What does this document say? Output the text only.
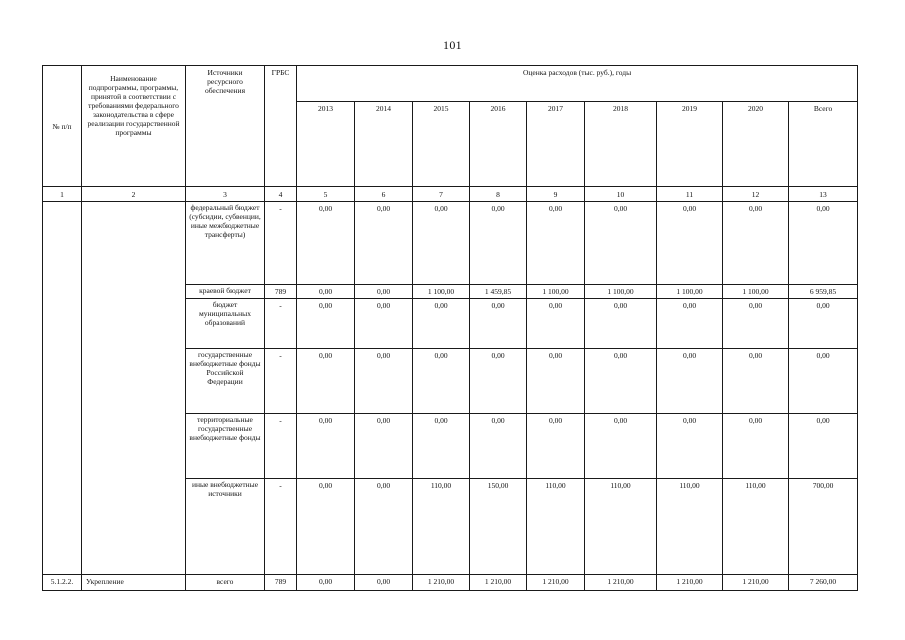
101
№ п/п	Наименование подпрограммы, программы, принятой в соответствии с требованиями федерального законодательства в сфере реализации государственной программы	Источники ресурсного обеспечения	ГРБС	Оценка расходов (тыс. руб.), годы								
				2013	2014	2015	2016	2017	2018	2019	2020	Всего
1	2	3	4	5	6	7	8	9	10	11	12	13
		федеральный бюджет (субсидии, субвенции, иные межбюджетные трансферты)	-	0,00	0,00	0,00	0,00	0,00	0,00	0,00	0,00	0,00
		краевой бюджет	789	0,00	0,00	1 100,00	1 459,85	1 100,00	1 100,00	1 100,00	1 100,00	6 959,85
		бюджет муниципальных образований	-	0,00	0,00	0,00	0,00	0,00	0,00	0,00	0,00	0,00
		государственные внебюджетные фонды Российской Федерации	-	0,00	0,00	0,00	0,00	0,00	0,00	0,00	0,00	0,00
		территориальные государственные внебюджетные фонды	-	0,00	0,00	0,00	0,00	0,00	0,00	0,00	0,00	0,00
		иные внебюджетные источники	-	0,00	0,00	110,00	150,00	110,00	110,00	110,00	110,00	700,00
5.1.2.2.	Укрепление	всего	789	0,00	0,00	1 210,00	1 210,00	1 210,00	1 210,00	1 210,00	1 210,00	7 260,00
